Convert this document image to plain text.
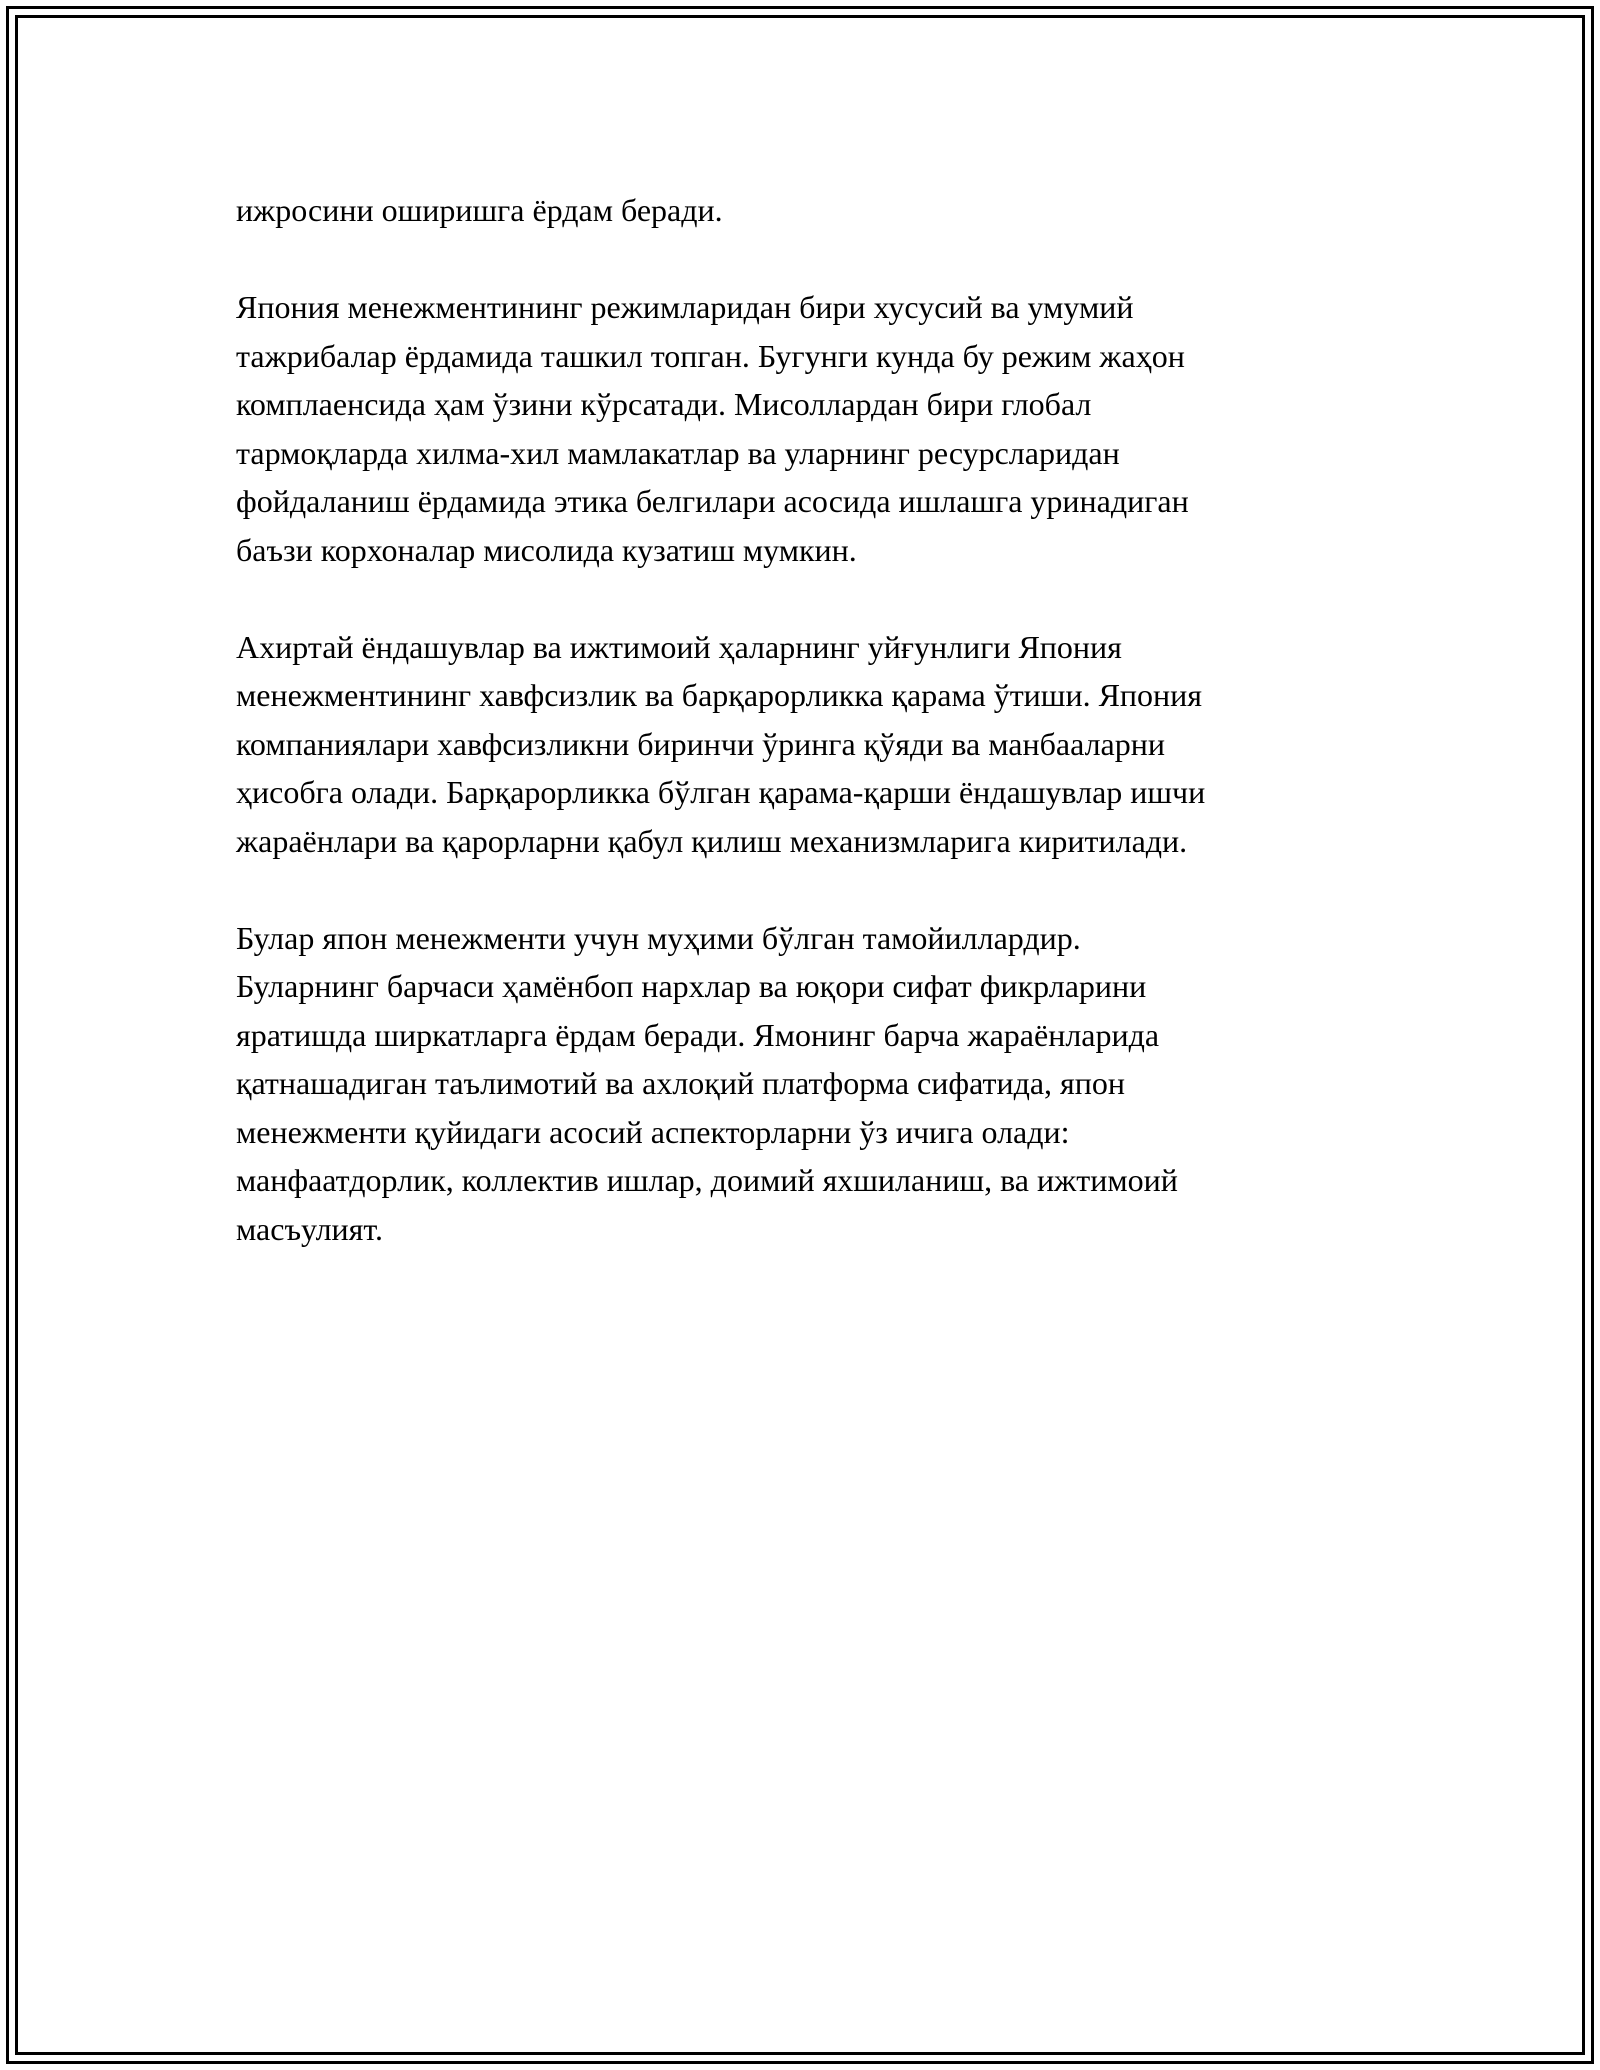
ижросини оширишга ёрдам беради.

Япония менежментининг режимларидан бири хусусий ва умумий
тажрибалар ёрдамида ташкил топган. Бугунги кунда бу режим жаҳон
комплаенсида ҳам ўзини кўрсатади. Мисоллардан бири глобал
тармоқларда хилма-хил мамлакатлар ва уларнинг ресурсларидан
фойдаланиш ёрдамида этика белгилари асосида ишлашга уринадиган
баъзи корхоналар мисолида кузатиш мумкин.

Ахиртай ёндашувлар ва ижтимоий ҳаларнинг уйғунлиги Япония
менежментининг хавфсизлик ва барқарорликка қарама ўтиши. Япония
компаниялари хавфсизликни биринчи ўринга қўяди ва манбааларни
ҳисобга олади. Барқарорликка бўлган қарама-қарши ёндашувлар ишчи
жараёнлари ва қарорларни қабул қилиш механизмларига киритилади.

Булар япон менежменти учун муҳими бўлган тамойиллардир.
Буларнинг барчаси ҳамёнбоп нархлар ва юқори сифат фикрларини
яратишда ширкатларга ёрдам беради. Ямонинг барча жараёнларида
қатнашадиган таълимотий ва ахлоқий платформа сифатида, япон
менежменти қуйидаги асосий аспекторларни ўз ичига олади:
манфаатдорлик, коллектив ишлар, доимий яхшиланиш, ва ижтимоий
масъулият.
